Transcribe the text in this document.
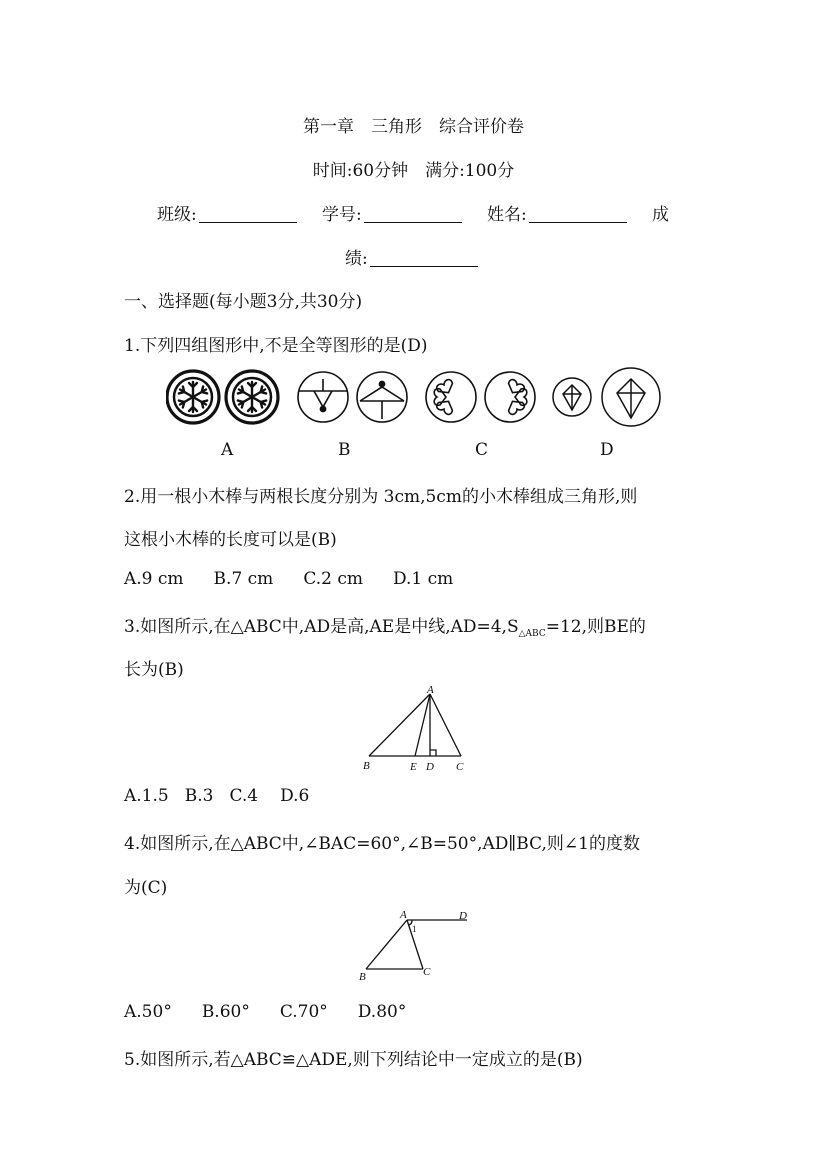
第一章　三角形　综合评价卷
时间:60分钟　满分:100分
班级:	学号:	姓名:	成
绩:
一、选择题(每小题3分,共30分)
1.下列四组图形中,不是全等图形的是(D)
A	B	C	D
2.用一根小木棒与两根长度分别为 3cm,5cm的小木棒组成三角形,则
这根小木棒的长度可以是(B)
A.9 cm B.7 cm C.2 cm D.1 cm
3.如图所示,在△ABC中,AD是高,AE是中线$,AD=4,S_{\triangle ABC}=12$,则BE的
长为(B)
A
B	E D C
A.1.5 B.3 C.4 D.6
4.如图所示,在△ABC中,∠BAC=60°,∠B=50°,AD∥BC,则∠1的度数
为(C)
A	D
B	C
1
A.50° B.60° C.70° D.80°
5.如图所示,若△ABC≌△ADE,则下列结论中一定成立的是(B)
